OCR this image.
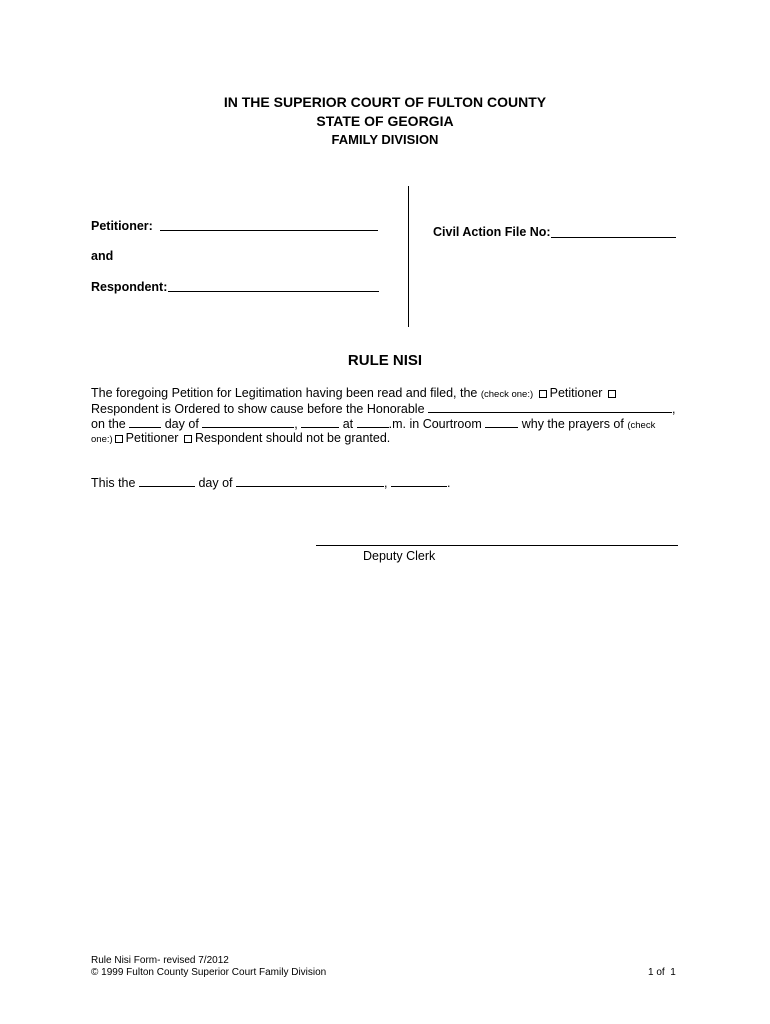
IN THE SUPERIOR COURT OF FULTON COUNTY
STATE OF GEORGIA
FAMILY DIVISION
Petitioner:
and
Respondent:
Civil Action File No:
RULE NISI
The foregoing Petition for Legitimation having been read and filed, the (check one:) Petitioner
Respondent is Ordered to show cause before the Honorable	,
on the	day of	,	at	.m. in Courtroom	why the prayers of (check
one:) Petitioner Respondent should not be granted.
This the	day of	,	.
Deputy Clerk
Rule Nisi Form- revised 7/2012
© 1999 Fulton County Superior Court Family Division	1 of  1
